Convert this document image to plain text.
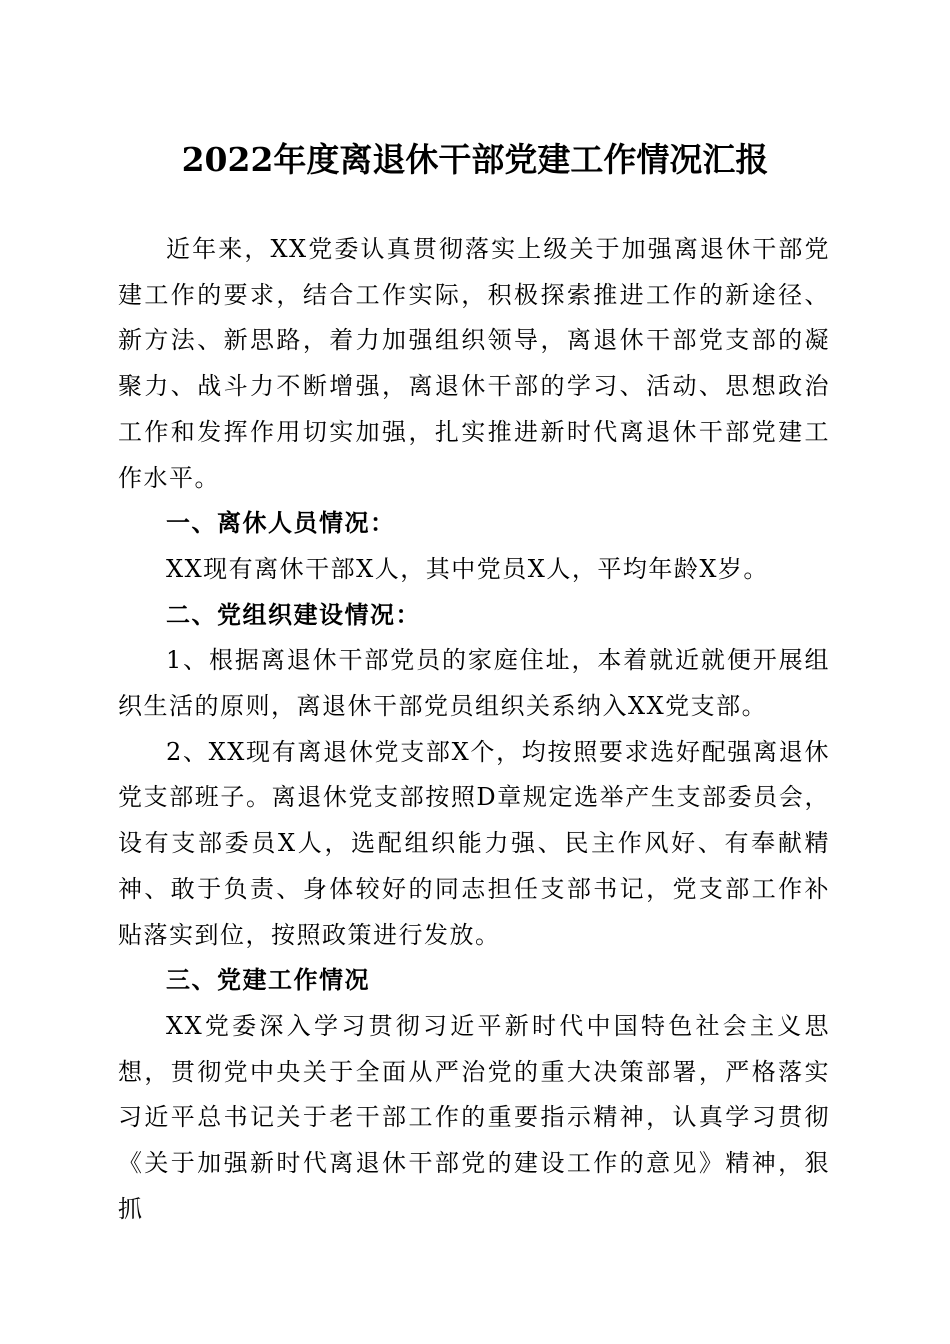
2022年度离退休干部党建工作情况汇报

近年来，XX党委认真贯彻落实上级关于加强离退休干部党建工作的要求，结合工作实际，积极探索推进工作的新途径、新方法、新思路，着力加强组织领导，离退休干部党支部的凝聚力、战斗力不断增强，离退休干部的学习、活动、思想政治工作和发挥作用切实加强，扎实推进新时代离退休干部党建工作水平。

一、离休人员情况：

XX现有离休干部X人，其中党员X人，平均年龄X岁。

二、党组织建设情况：

1、根据离退休干部党员的家庭住址，本着就近就便开展组织生活的原则，离退休干部党员组织关系纳入XX党支部。

2、XX现有离退休党支部X个，均按照要求选好配强离退休党支部班子。离退休党支部按照D章规定选举产生支部委员会，设有支部委员X人，选配组织能力强、民主作风好、有奉献精神、敢于负责、身体较好的同志担任支部书记，党支部工作补贴落实到位，按照政策进行发放。

三、党建工作情况

XX党委深入学习贯彻习近平新时代中国特色社会主义思想，贯彻党中央关于全面从严治党的重大决策部署，严格落实习近平总书记关于老干部工作的重要指示精神，认真学习贯彻《关于加强新时代离退休干部党的建设工作的意见》精神，狠抓
